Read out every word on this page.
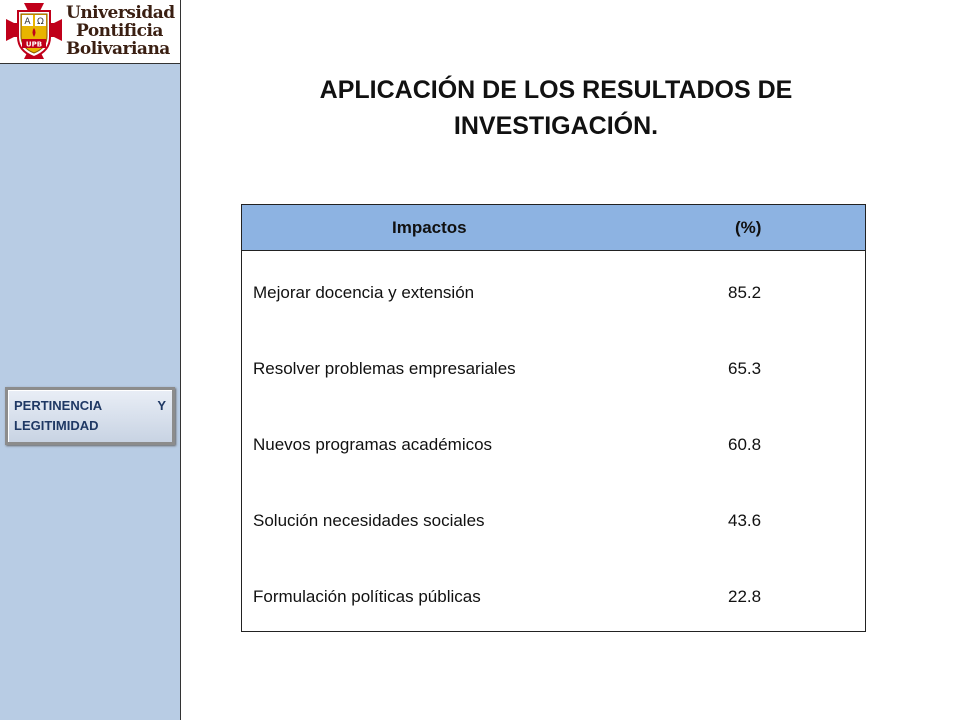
A Ω
UPB
Universidad
Pontificia
Bolivariana
PERTINENCIA Y LEGITIMIDAD
APLICACIÓN DE LOS RESULTADOS DE
INVESTIGACIÓN.
Impactos	(%)
Mejorar docencia y extensión	85.2
Resolver problemas empresariales	65.3
Nuevos programas académicos	60.8
Solución necesidades sociales	43.6
Formulación políticas públicas	22.8
